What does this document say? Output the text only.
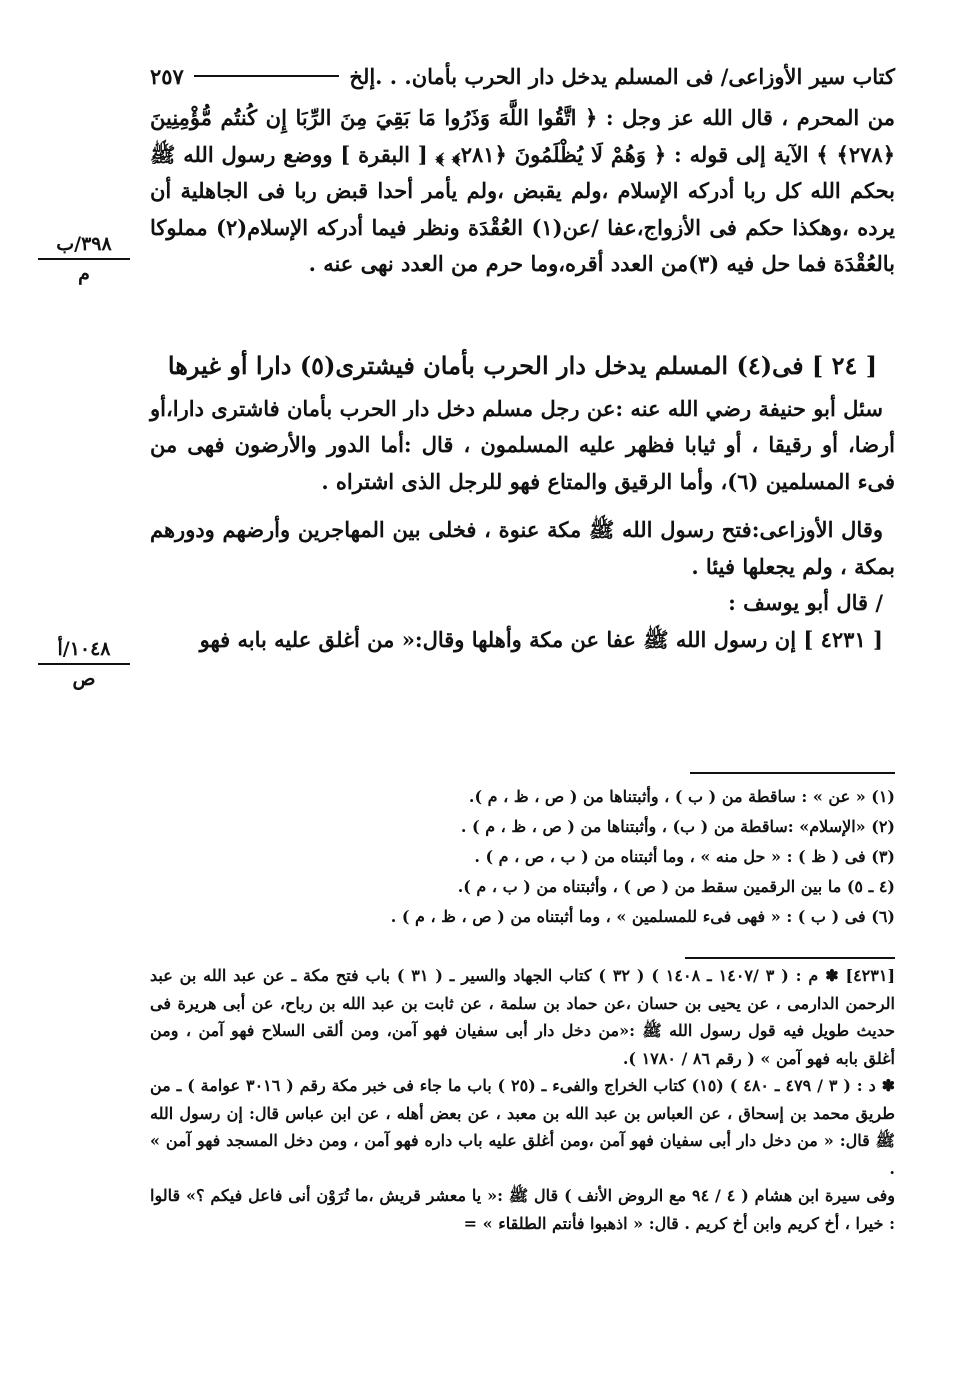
كتاب سير الأوزاعى/ فى المسلم يدخل دار الحرب بأمان. . .إلخ
٢٥٧
٣٩٨/ب
م
١٠٤٨/أ
ص

من المحرم ، قال الله عز وجل : ﴿ اتَّقُوا اللَّهَ وَذَرُوا مَا بَقِيَ مِنَ الرِّبَا إِن كُنتُم مُّؤْمِنِينَ ﴿٢٧٨﴾ ﴾ الآية إلى قوله : ﴿ وَهُمْ لَا يُظْلَمُونَ ﴿٢٨١﴾ ﴾ [ البقرة ] ووضع رسول الله ﷺ بحكم الله كل ربا أدركه الإسلام ،ولم يقبض ،ولم يأمر أحدا قبض ربا فى الجاهلية أن يرده ،وهكذا حكم فى الأزواج،عفا /عن(١) العُقْدَة ونظر فيما أدركه الإسلام(٢) مملوكا بالعُقْدَة فما حل فيه (٣)من العدد أقره،وما حرم من العدد نهى عنه .

[ ٢٤ ] فى(٤) المسلم يدخل دار الحرب بأمان فيشترى(٥) دارا أو غيرها

سئل أبو حنيفة رضي الله عنه :عن رجل مسلم دخل دار الحرب بأمان فاشترى دارا،أو أرضا، أو رقيقا ، أو ثيابا فظهر عليه المسلمون ، قال :أما الدور والأرضون فهى من فىء المسلمين (٦)، وأما الرقيق والمتاع فهو للرجل الذى اشتراه .

وقال الأوزاعى:فتح رسول الله ﷺ مكة عنوة ، فخلى بين المهاجرين وأرضهم ودورهم بمكة ، ولم يجعلها فيئا .

/ قال أبو يوسف :

[ ٤٢٣١ ] إن رسول الله ﷺ عفا عن مكة وأهلها وقال:« من أغلق عليه بابه فهو

(١) « عن » : ساقطة من ( ب ) ، وأثبتناها من ( ص ، ظ ، م ).
(٢) «الإسلام» :ساقطة من ( ب) ، وأثبتناها من ( ص ، ظ ، م ) .
(٣) فى ( ظ ) : « حل منه » ، وما أثبتناه من ( ب ، ص ، م ) .
(٤ ـ ٥) ما بين الرقمين سقط من ( ص ) ، وأثبتناه من ( ب ، م ).
(٦) فى ( ب ) : « فهى فىء للمسلمين » ، وما أثبتناه من ( ص ، ظ ، م ) .

[٤٢٣١] ✽ م : ( ٣ /١٤٠٧ ـ ١٤٠٨ ) ( ٣٢ ) كتاب الجهاد والسير ـ ( ٣١ ) باب فتح مكة ـ عن عبد الله بن عبد الرحمن الدارمى ، عن يحيى بن حسان ،عن حماد بن سلمة ، عن ثابت بن عبد الله بن رباح، عن أبى هريرة فى حديث طويل فيه قول رسول الله ﷺ :«من دخل دار أبى سفيان فهو آمن، ومن ألقى السلاح فهو آمن ، ومن أغلق بابه فهو آمن » ( رقم ٨٦ / ١٧٨٠ ).

✽ د : ( ٣ / ٤٧٩ ـ ٤٨٠ ) (١٥) كتاب الخراج والفىء ـ (٢٥ ) باب ما جاء فى خبر مكة رقم ( ٣٠١٦ عوامة ) ـ من طريق محمد بن إسحاق ، عن العباس بن عبد الله بن معبد ، عن بعض أهله ، عن ابن عباس قال: إن رسول الله ﷺ قال: « من دخل دار أبى سفيان فهو آمن ،ومن أغلق عليه باب داره فهو آمن ، ومن دخل المسجد فهو آمن » .

وفى سيرة ابن هشام ( ٤ / ٩٤ مع الروض الأنف ) قال ﷺ :« يا معشر قريش ،ما تُرَوْن أنى فاعل فيكم ؟» قالوا : خيرا ، أخ كريم وابن أخ كريم . قال: « اذهبوا فأنتم الطلقاء » =
